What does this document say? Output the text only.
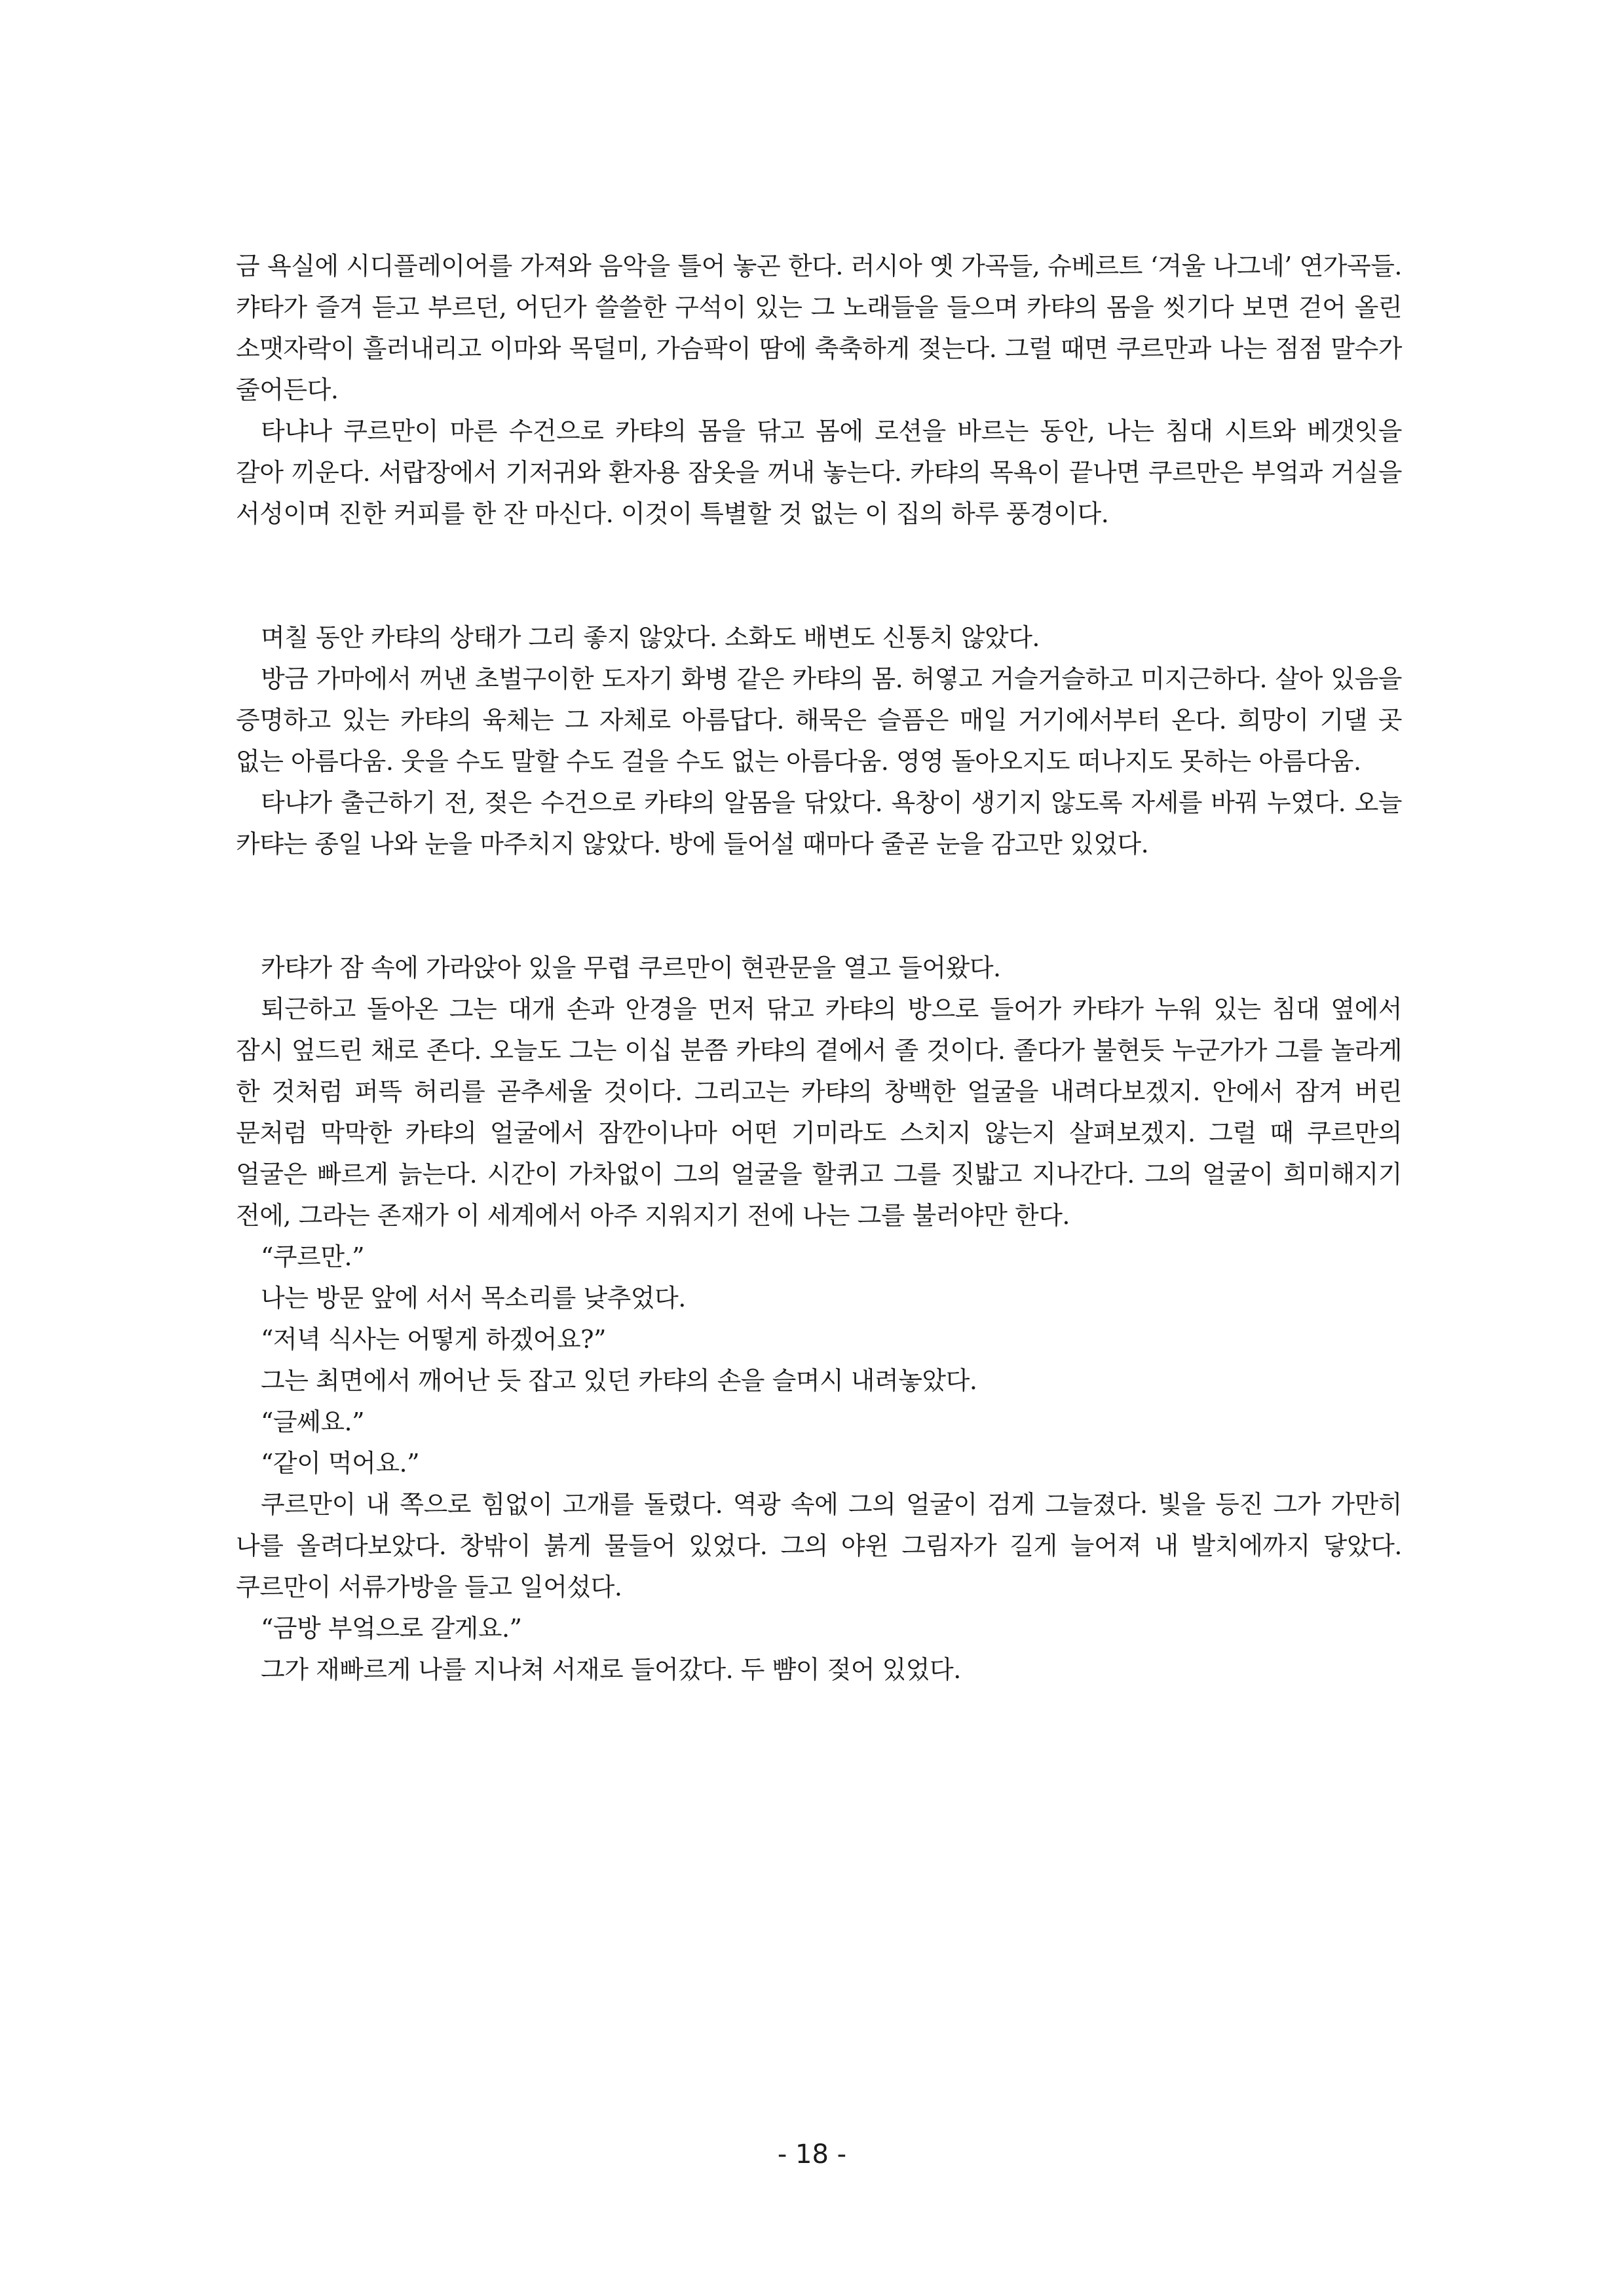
금 욕실에 시디플레이어를 가져와 음악을 틀어 놓곤 한다. 러시아 옛 가곡들, 슈베르트 ‘겨울 나그네’ 연가곡들. 캬타가 즐겨 듣고 부르던, 어딘가 쓸쓸한 구석이 있는 그 노래들을 들으며 카탸의 몸을 씻기다 보면 걷어 올린 소맷자락이 흘러내리고 이마와 목덜미, 가슴팍이 땀에 축축하게 젖는다. 그럴 때면 쿠르만과 나는 점점 말수가 줄어든다.

타냐나 쿠르만이 마른 수건으로 카탸의 몸을 닦고 몸에 로션을 바르는 동안, 나는 침대 시트와 베갯잇을 갈아 끼운다. 서랍장에서 기저귀와 환자용 잠옷을 꺼내 놓는다. 카탸의 목욕이 끝나면 쿠르만은 부엌과 거실을 서성이며 진한 커피를 한 잔 마신다. 이것이 특별할 것 없는 이 집의 하루 풍경이다.

며칠 동안 카탸의 상태가 그리 좋지 않았다. 소화도 배변도 신통치 않았다.

방금 가마에서 꺼낸 초벌구이한 도자기 화병 같은 카탸의 몸. 허옇고 거슬거슬하고 미지근하다. 살아 있음을 증명하고 있는 카탸의 육체는 그 자체로 아름답다. 해묵은 슬픔은 매일 거기에서부터 온다. 희망이 기댈 곳 없는 아름다움. 웃을 수도 말할 수도 걸을 수도 없는 아름다움. 영영 돌아오지도 떠나지도 못하는 아름다움.

타냐가 출근하기 전, 젖은 수건으로 카탸의 알몸을 닦았다. 욕창이 생기지 않도록 자세를 바꿔 누였다. 오늘 카탸는 종일 나와 눈을 마주치지 않았다. 방에 들어설 때마다 줄곧 눈을 감고만 있었다.

카탸가 잠 속에 가라앉아 있을 무렵 쿠르만이 현관문을 열고 들어왔다.

퇴근하고 돌아온 그는 대개 손과 안경을 먼저 닦고 카탸의 방으로 들어가 카탸가 누워 있는 침대 옆에서 잠시 엎드린 채로 존다. 오늘도 그는 이십 분쯤 카탸의 곁에서 졸 것이다. 졸다가 불현듯 누군가가 그를 놀라게 한 것처럼 퍼뜩 허리를 곧추세울 것이다. 그리고는 카탸의 창백한 얼굴을 내려다보겠지. 안에서 잠겨 버린 문처럼 막막한 카탸의 얼굴에서 잠깐이나마 어떤 기미라도 스치지 않는지 살펴보겠지. 그럴 때 쿠르만의 얼굴은 빠르게 늙는다. 시간이 가차없이 그의 얼굴을 할퀴고 그를 짓밟고 지나간다. 그의 얼굴이 희미해지기 전에, 그라는 존재가 이 세계에서 아주 지워지기 전에 나는 그를 불러야만 한다.

“쿠르만.”

나는 방문 앞에 서서 목소리를 낮추었다.

“저녁 식사는 어떻게 하겠어요?”

그는 최면에서 깨어난 듯 잡고 있던 카탸의 손을 슬며시 내려놓았다.

“글쎄요.”

“같이 먹어요.”

쿠르만이 내 쪽으로 힘없이 고개를 돌렸다. 역광 속에 그의 얼굴이 검게 그늘졌다. 빛을 등진 그가 가만히 나를 올려다보았다. 창밖이 붉게 물들어 있었다. 그의 야윈 그림자가 길게 늘어져 내 발치에까지 닿았다. 쿠르만이 서류가방을 들고 일어섰다.

“금방 부엌으로 갈게요.”

그가 재빠르게 나를 지나쳐 서재로 들어갔다. 두 뺨이 젖어 있었다.

- 18 -
